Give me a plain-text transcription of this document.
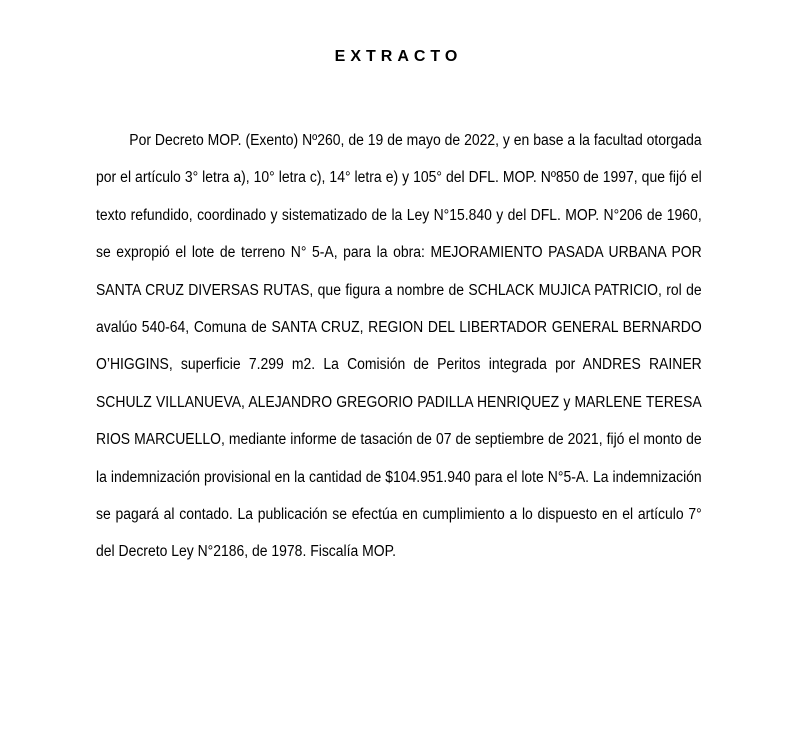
EXTRACTO

Por Decreto MOP. (Exento) Nº260, de 19 de mayo de 2022, y en base a la facultad otorgada por el artículo 3° letra a), 10° letra c), 14° letra e) y 105° del DFL. MOP. Nº850 de 1997, que fijó el texto refundido, coordinado y sistematizado de la Ley N°15.840 y del DFL. MOP. N°206 de 1960, se expropió el lote de terreno N° 5-A, para la obra: MEJORAMIENTO PASADA URBANA POR SANTA CRUZ DIVERSAS RUTAS, que figura a nombre de SCHLACK MUJICA PATRICIO, rol de avalúo 540-64, Comuna de SANTA CRUZ, REGION DEL LIBERTADOR GENERAL BERNARDO O’HIGGINS, superficie 7.299 m2. La Comisión de Peritos integrada por ANDRES RAINER SCHULZ VILLANUEVA, ALEJANDRO GREGORIO PADILLA HENRIQUEZ y MARLENE TERESA RIOS MARCUELLO, mediante informe de tasación de 07 de septiembre de 2021, fijó el monto de la indemnización provisional en la cantidad de $104.951.940 para el lote N°5-A. La indemnización se pagará al contado. La publicación se efectúa en cumplimiento a lo dispuesto en el artículo 7° del Decreto Ley N°2186, de 1978. Fiscalía MOP.
